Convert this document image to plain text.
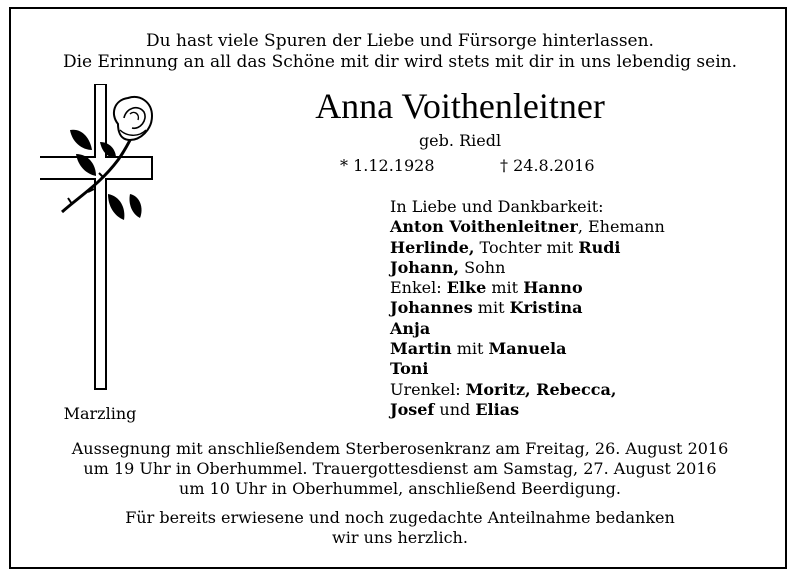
Du hast viele Spuren der Liebe und Fürsorge hinterlassen.
Die Erinnung an all das Schöne mit dir wird stets mit dir in uns lebendig sein.
Anna Voithenleitner
geb. Riedl
* 1.12.1928	† 24.8.2016
In Liebe und Dankbarkeit:
Anton Voithenleitner, Ehemann
Herlinde, Tochter mit Rudi
Johann, Sohn
Enkel: Elke mit Hanno
Johannes mit Kristina
Anja
Martin mit Manuela
Toni
Urenkel: Moritz, Rebecca,
Josef und Elias
Marzling
Aussegnung mit anschließendem Sterberosenkranz am Freitag, 26. August 2016
um 19 Uhr in Oberhummel. Trauergottesdienst am Samstag, 27. August 2016
um 10 Uhr in Oberhummel, anschließend Beerdigung.
Für bereits erwiesene und noch zugedachte Anteilnahme bedanken
wir uns herzlich.
